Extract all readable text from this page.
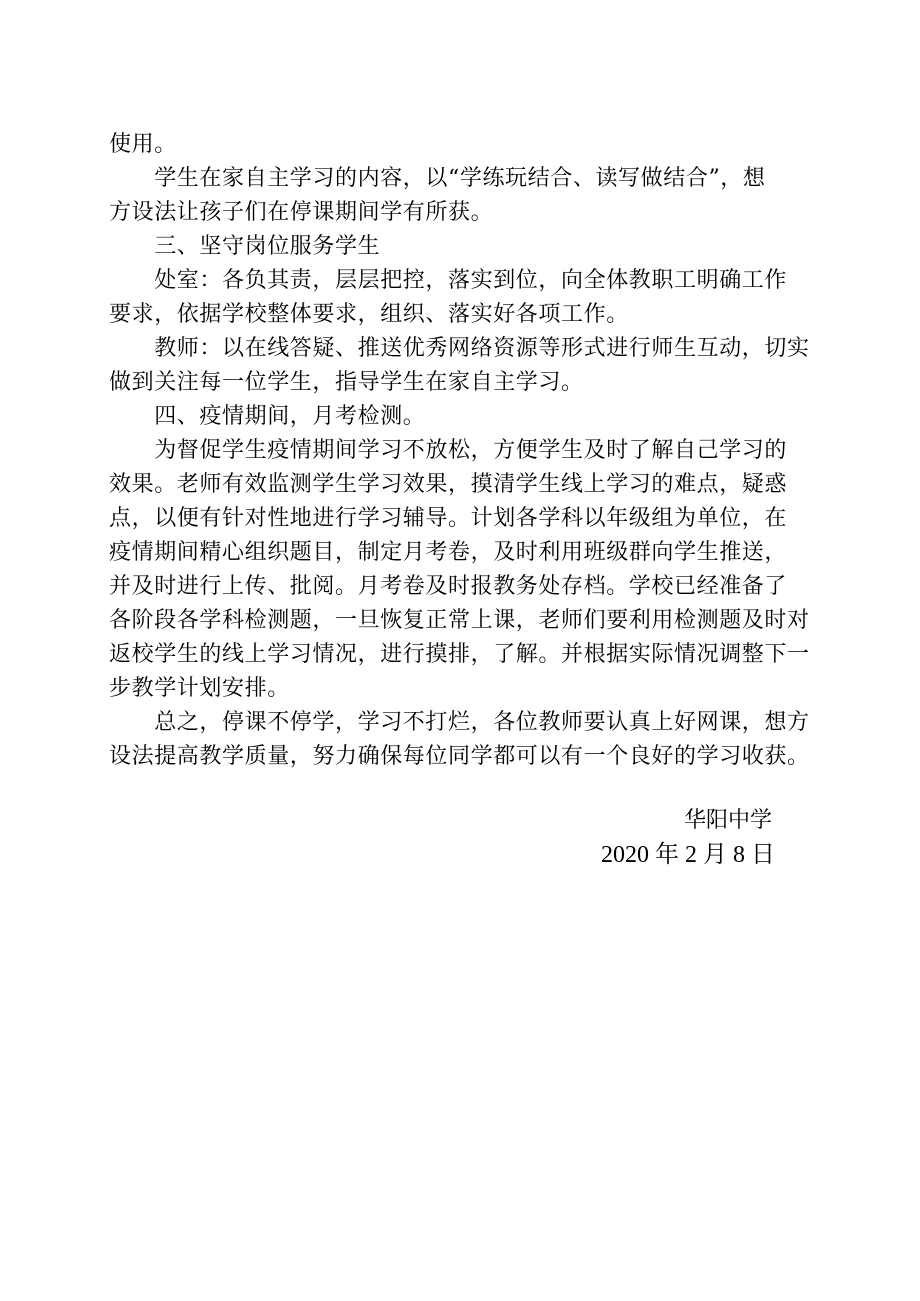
使用。
　　学生在家自主学习的内容，以“学练玩结合、读写做结合”，想
方设法让孩子们在停课期间学有所获。
　　三、坚守岗位服务学生
　　处室：各负其责，层层把控，落实到位，向全体教职工明确工作
要求，依据学校整体要求，组织、落实好各项工作。
　　教师：以在线答疑、推送优秀网络资源等形式进行师生互动，切实
做到关注每一位学生，指导学生在家自主学习。
　　四、疫情期间，月考检测。
　　为督促学生疫情期间学习不放松，方便学生及时了解自己学习的
效果。老师有效监测学生学习效果，摸清学生线上学习的难点，疑惑
点，以便有针对性地进行学习辅导。计划各学科以年级组为单位，在
疫情期间精心组织题目，制定月考卷，及时利用班级群向学生推送，
并及时进行上传、批阅。月考卷及时报教务处存档。学校已经准备了
各阶段各学科检测题，一旦恢复正常上课，老师们要利用检测题及时对
返校学生的线上学习情况，进行摸排，了解。并根据实际情况调整下一
步教学计划安排。
　　总之，停课不停学，学习不打烂，各位教师要认真上好网课，想方
设法提高教学质量，努力确保每位同学都可以有一个良好的学习收获。
华阳中学
2020 年 2 月 8 日
